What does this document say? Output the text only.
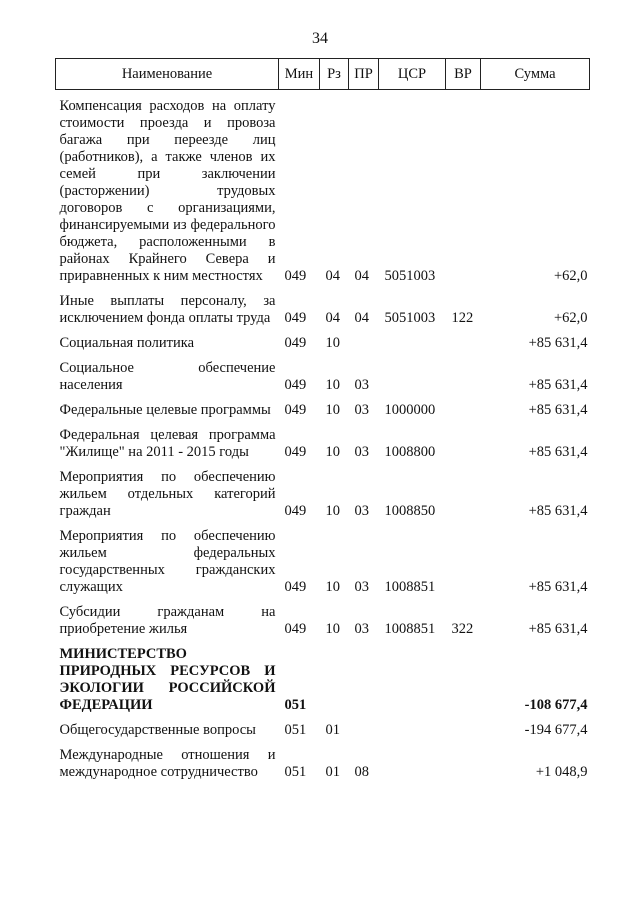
34
Наименование	Мин	Рз	ПР	ЦСР	ВР	Сумма

Компенсация расходов на оплату стоимости проезда и провоза багажа при переезде лиц (работников), а также членов их семей при заключении (расторжении) трудовых договоров с организациями, финансируемыми из федерального бюджета, расположенными в районах Крайнего Севера и приравненных к ним местностях	049	04	04	5051003		+62,0

Иные выплаты персоналу, за исключением фонда оплаты труда	049	04	04	5051003	122	+62,0

Социальная политика	049	10				+85 631,4

Социальное обеспечение населения	049	10	03			+85 631,4

Федеральные целевые программы	049	10	03	1000000		+85 631,4

Федеральная целевая программа "Жилище" на 2011 - 2015 годы	049	10	03	1008800		+85 631,4

Мероприятия по обеспечению жильем отдельных категорий граждан	049	10	03	1008850		+85 631,4

Мероприятия по обеспечению жильем федеральных государственных гражданских служащих	049	10	03	1008851		+85 631,4

Субсидии гражданам на приобретение жилья	049	10	03	1008851	322	+85 631,4

МИНИСТЕРСТВО ПРИРОДНЫХ РЕСУРСОВ И ЭКОЛОГИИ РОССИЙСКОЙ ФЕДЕРАЦИИ	051					-108 677,4

Общегосударственные вопросы	051	01				-194 677,4

Международные отношения и международное сотрудничество	051	01	08			+1 048,9
